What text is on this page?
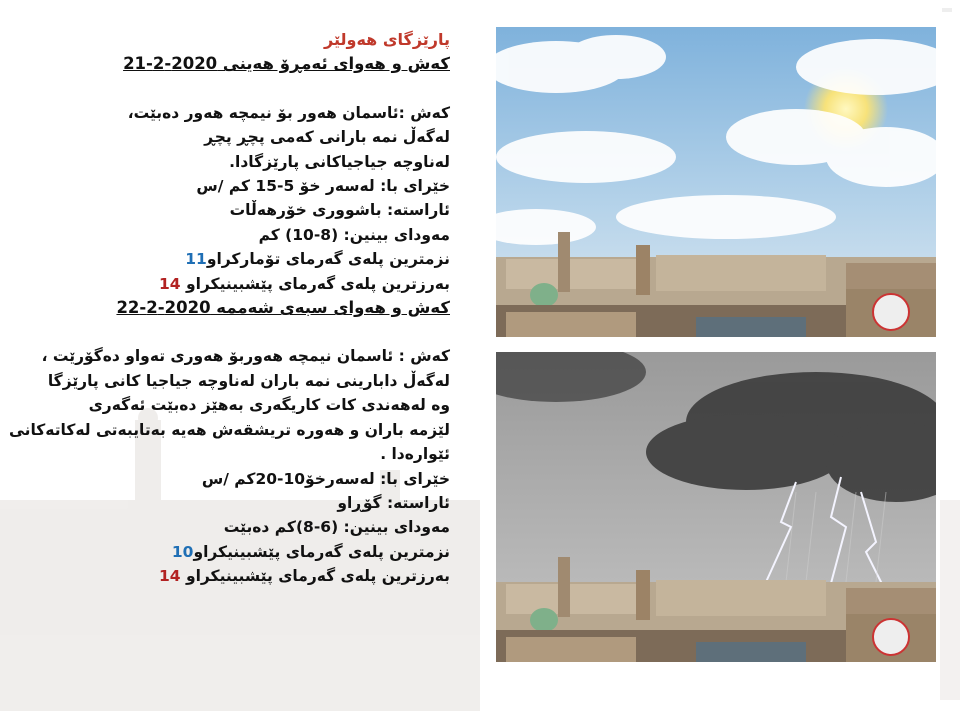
پارێزگای هەولێر
کەش و هەوای ئەمڕۆ هەینی 2020-2-21
کەش :ئاسمان هەور بۆ نیمچە هەور دەبێت،
لەگەڵ نمە بارانی کەمی پچڕ پچڕ
لەناوچە جیاجیاکانی پارێزگادا.
خێرای با: لەسەر خۆ 5-15 کم /س
ئاراستە: باشووری خۆرهەڵات
مەودای بینین: (8-10) کم
نزمترین پلەی گەرمای تۆمارکراو11
بەرزترین پلەی گەرمای پێشبینیکراو 14
کەش و هەوای سبەی شەممە 2020-2-22
کەش : ئاسمان نیمچە هەوربۆ هەوری تەواو دەگۆرێت ،
لەگەڵ دابارینی نمە باران لەناوچە جیاجیا کانی پارێزگا
وە لەهەندی کات کاریگەری بەهێز دەبێت ئەگەری
لێزمە باران و هەورە تریشقەش هەیە بەتایبەتی لەکاتەکانی
ئێوارەدا .
خێرای با: لەسەرخۆ10-20کم /س
ئاراستە: گۆڕاو
مەودای بینین: (6-8)کم دەبێت
نزمترین پلەی گەرمای پێشبینیکراو10
بەرزترین پلەی گەرمای پێشبینیکراو 14
